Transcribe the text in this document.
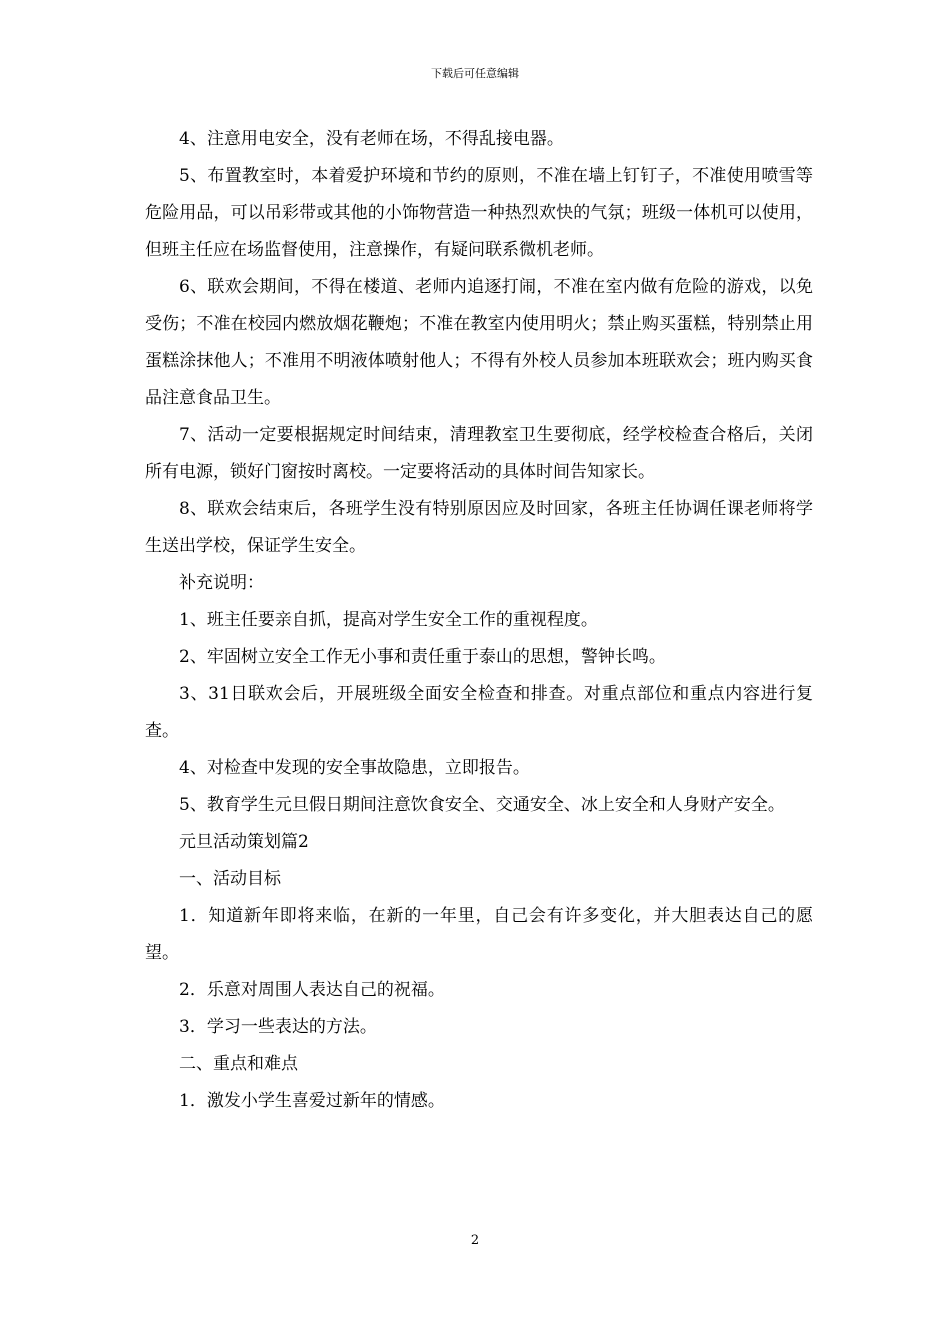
下载后可任意编辑

4、注意用电安全，没有老师在场，不得乱接电器。

5、布置教室时，本着爱护环境和节约的原则，不准在墙上钉钉子，不准使用喷雪等危险用品，可以吊彩带或其他的小饰物营造一种热烈欢快的气氛；班级一体机可以使用，但班主任应在场监督使用，注意操作，有疑问联系微机老师。

6、联欢会期间，不得在楼道、老师内追逐打闹，不准在室内做有危险的游戏，以免受伤；不准在校园内燃放烟花鞭炮；不准在教室内使用明火；禁止购买蛋糕，特别禁止用蛋糕涂抹他人；不准用不明液体喷射他人；不得有外校人员参加本班联欢会；班内购买食品注意食品卫生。

7、活动一定要根据规定时间结束，清理教室卫生要彻底，经学校检查合格后，关闭所有电源，锁好门窗按时离校。一定要将活动的具体时间告知家长。

8、联欢会结束后，各班学生没有特别原因应及时回家，各班主任协调任课老师将学生送出学校，保证学生安全。

补充说明：

1、班主任要亲自抓，提高对学生安全工作的重视程度。

2、牢固树立安全工作无小事和责任重于泰山的思想，警钟长鸣。

3、31日联欢会后，开展班级全面安全检查和排查。对重点部位和重点内容进行复查。

4、对检查中发现的安全事故隐患，立即报告。

5、教育学生元旦假日期间注意饮食安全、交通安全、冰上安全和人身财产安全。

元旦活动策划篇2

一、活动目标

1．知道新年即将来临，在新的一年里，自己会有许多变化，并大胆表达自己的愿望。

2．乐意对周围人表达自己的祝福。

3．学习一些表达的方法。

二、重点和难点

1．激发小学生喜爱过新年的情感。

2
